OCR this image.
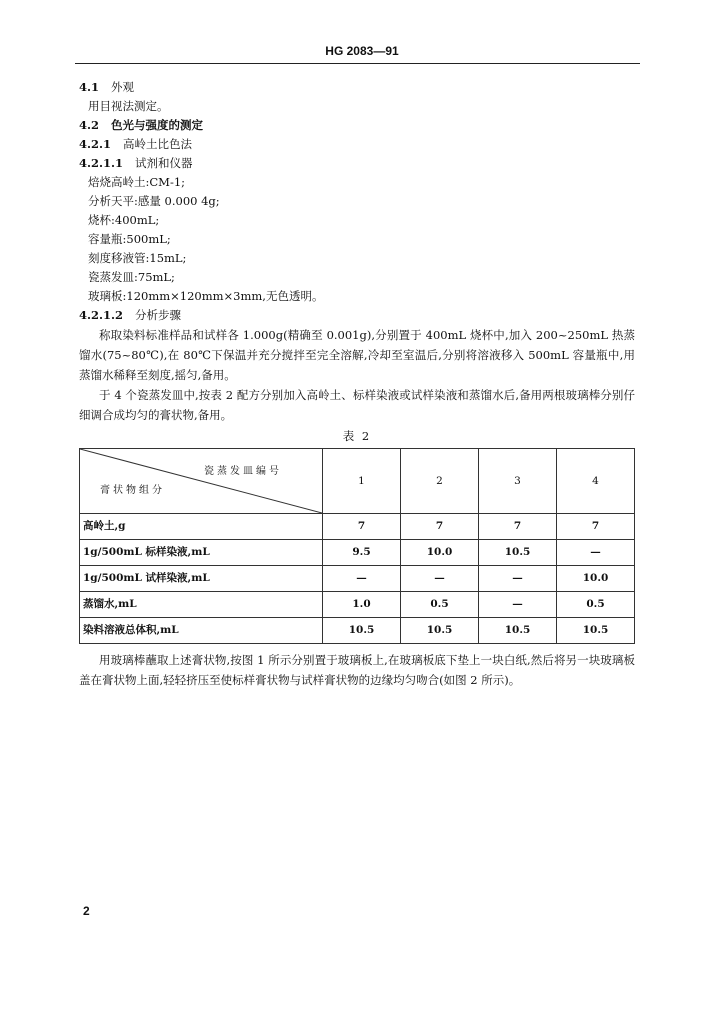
HG 2083—91
4.1 外观
用目视法测定。
4.2 色光与强度的测定
4.2.1 高岭土比色法
4.2.1.1 试剂和仪器
焙烧高岭土:CM-1;
分析天平:感量 0.000 4g;
烧杯:400mL;
容量瓶:500mL;
刻度移液管:15mL;
瓷蒸发皿:75mL;
玻璃板:120mm×120mm×3mm,无色透明。
4.2.1.2 分析步骤
称取染料标准样品和试样各 1.000g(精确至 0.001g),分别置于 400mL 烧杯中,加入 200~250mL 热蒸馏水(75~80℃),在 80℃下保温并充分搅拌至完全溶解,冷却至室温后,分别将溶液移入 500mL 容量瓶中,用蒸馏水稀释至刻度,摇匀,备用。
于 4 个瓷蒸发皿中,按表 2 配方分别加入高岭土、标样染液或试样染液和蒸馏水后,备用两根玻璃棒分别仔细调合成均匀的膏状物,备用。
表 2
瓷蒸发皿编号
膏状物组分	1	2	3	4
高岭土,g	7	7	7	7
1g/500mL 标样染液,mL	9.5	10.0	10.5	—
1g/500mL 试样染液,mL	—	—	—	10.0
蒸馏水,mL	1.0	0.5	—	0.5
染料溶液总体积,mL	10.5	10.5	10.5	10.5
用玻璃棒蘸取上述膏状物,按图 1 所示分别置于玻璃板上,在玻璃板底下垫上一块白纸,然后将另一块玻璃板盖在膏状物上面,轻轻挤压至使标样膏状物与试样膏状物的边缘均匀吻合(如图 2 所示)。
2
